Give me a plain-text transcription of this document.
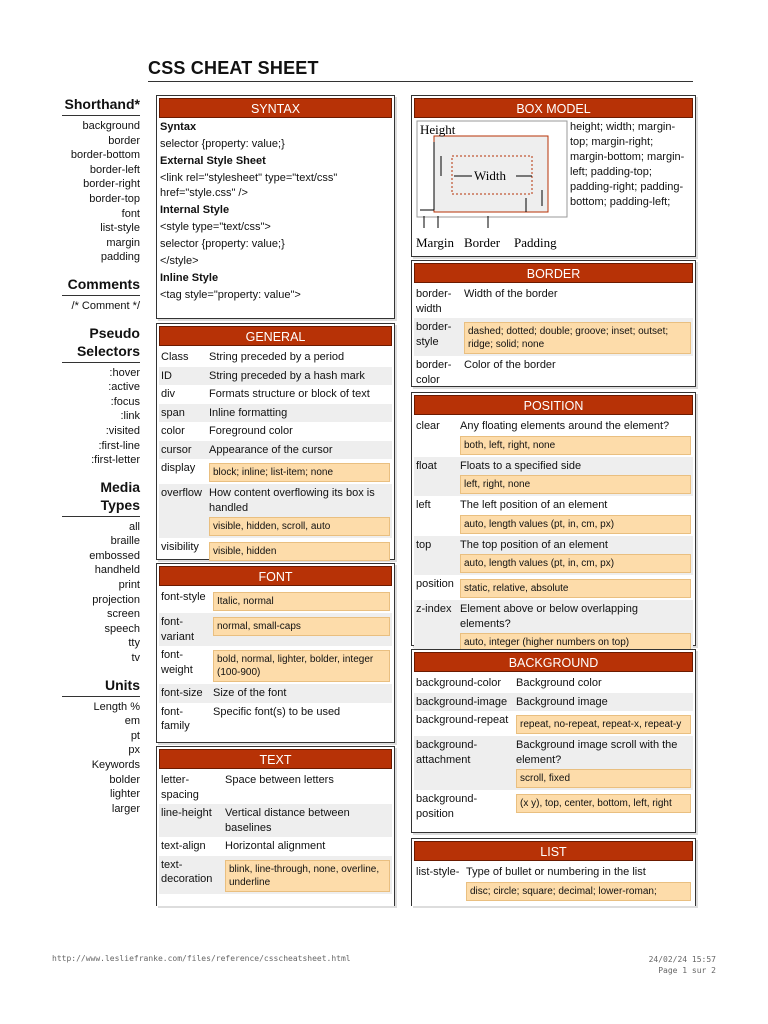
CSS CHEAT SHEET
Shorthand*
background
border
border-bottom
border-left
border-right
border-top
font
list-style
margin
padding
Comments
/* Comment */
Pseudo Selectors
:hover
:active
:focus
:link
:visited
:first-line
:first-letter
Media Types
all
braille
embossed
handheld
print
projection
screen
speech
tty
tv
Units
Length %
em
pt
px
Keywords
bolder
lighter
larger
SYNTAX

Syntax

selector {property: value;}

External Style Sheet

<link rel="stylesheet" type="text/css" href="style.css" />

Internal Style

<style type="text/css">

selector {property: value;}

</style>

Inline Style

<tag style="property: value">

GENERAL
Class	String preceded by a period

ID	String preceded by a hash mark

div	Formats structure or block of text

span	Inline formatting

color	Foreground color

cursor	Appearance of the cursor

display	block; inline; list-item; none

overflow	How content overflowing its box is handled
visible, hidden, scroll, auto

visibility	visible, hidden
FONT
font-style	Italic, normal

font-variant	normal, small-caps

font-weight	bold, normal, lighter, bolder, integer (100-900)

font-size	Size of the font

font-family	Specific font(s) to be used
TEXT
letter-spacing	Space between letters

line-height	Vertical distance between baselines

text-align	Horizontal alignment

text-decoration	blink, line-through, none, overline, underline
BOX MODEL
Height
Width
Margin Border Padding
height; width; margin-top; margin-right; margin-bottom; margin-left; padding-top; padding-right; padding-bottom; padding-left;
BORDER
border-width	Width of the border

border-style	dashed; dotted; double; groove; inset; outset; ridge; solid; none

border-color	Color of the border
POSITION
clear	Any floating elements around the element?
both, left, right, none

float	Floats to a specified side
left, right, none

left	The left position of an element
auto, length values (pt, in, cm, px)

top	The top position of an element
auto, length values (pt, in, cm, px)

position	static, relative, absolute

z-index	Element above or below overlapping elements?
auto, integer (higher numbers on top)
BACKGROUND
background-color	Background color

background-image	Background image

background-repeat	repeat, no-repeat, repeat-x, repeat-y

background-attachment	Background image scroll with the element?
scroll, fixed

background-position	(x y), top, center, bottom, left, right
LIST
list-style-	Type of bullet or numbering in the list
disc; circle; square; decimal; lower-roman;
http://www.lesliefranke.com/files/reference/csscheatsheet.html	24/02/24 15:57
Page 1 sur 2
